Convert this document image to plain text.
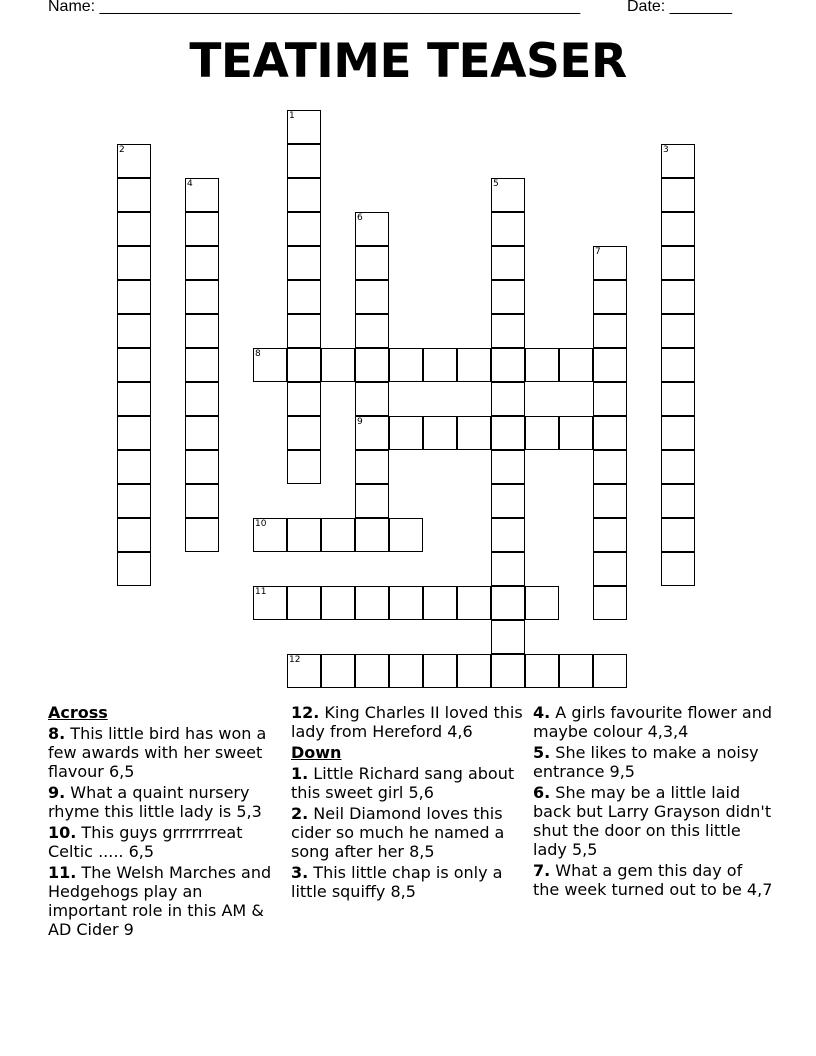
Name: ______________________________________________________	Date: _______
TEATIME TEASER
1
2	3
4	5
6
9
7
8
10
11
12
Across
8. This little bird has won a few awards with her sweet flavour 6,5
9. What a quaint nursery rhyme this little lady is 5,3
10. This guys grrrrrrreat Celtic ..... 6,5
11. The Welsh Marches and Hedgehogs play an important role in this AM & AD Cider 9
12. King Charles II loved this lady from Hereford 4,6
Down
1. Little Richard sang about this sweet girl 5,6
2. Neil Diamond loves this cider so much he named a song after her 8,5
3. This little chap is only a little squiffy 8,5
4. A girls favourite flower and maybe colour 4,3,4
5. She likes to make a noisy entrance 9,5
6. She may be a little laid back but Larry Grayson didn't shut the door on this little lady 5,5
7. What a gem this day of the week turned out to be 4,7
